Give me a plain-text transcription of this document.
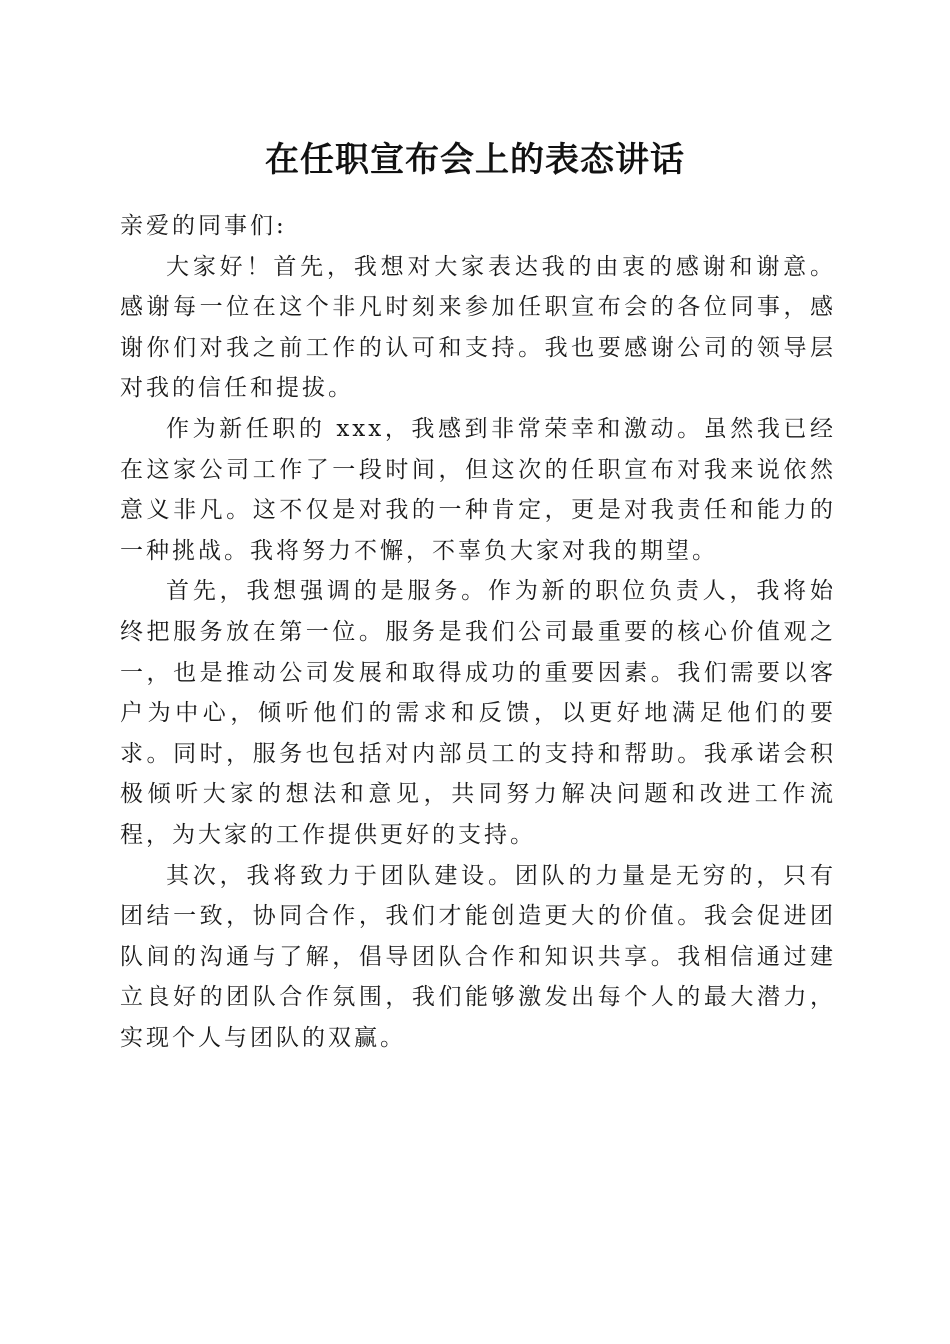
在任职宣布会上的表态讲话

亲爱的同事们:

大家好！首先，我想对大家表达我的由衷的感谢和谢意。感谢每一位在这个非凡时刻来参加任职宣布会的各位同事，感谢你们对我之前工作的认可和支持。我也要感谢公司的领导层对我的信任和提拔。

作为新任职的 xxx，我感到非常荣幸和激动。虽然我已经在这家公司工作了一段时间，但这次的任职宣布对我来说依然意义非凡。这不仅是对我的一种肯定，更是对我责任和能力的一种挑战。我将努力不懈，不辜负大家对我的期望。

首先，我想强调的是服务。作为新的职位负责人，我将始终把服务放在第一位。服务是我们公司最重要的核心价值观之一，也是推动公司发展和取得成功的重要因素。我们需要以客户为中心，倾听他们的需求和反馈，以更好地满足他们的要求。同时，服务也包括对内部员工的支持和帮助。我承诺会积极倾听大家的想法和意见，共同努力解决问题和改进工作流程，为大家的工作提供更好的支持。

其次，我将致力于团队建设。团队的力量是无穷的，只有团结一致，协同合作，我们才能创造更大的价值。我会促进团队间的沟通与了解，倡导团队合作和知识共享。我相信通过建立良好的团队合作氛围，我们能够激发出每个人的最大潜力，实现个人与团队的双赢。
